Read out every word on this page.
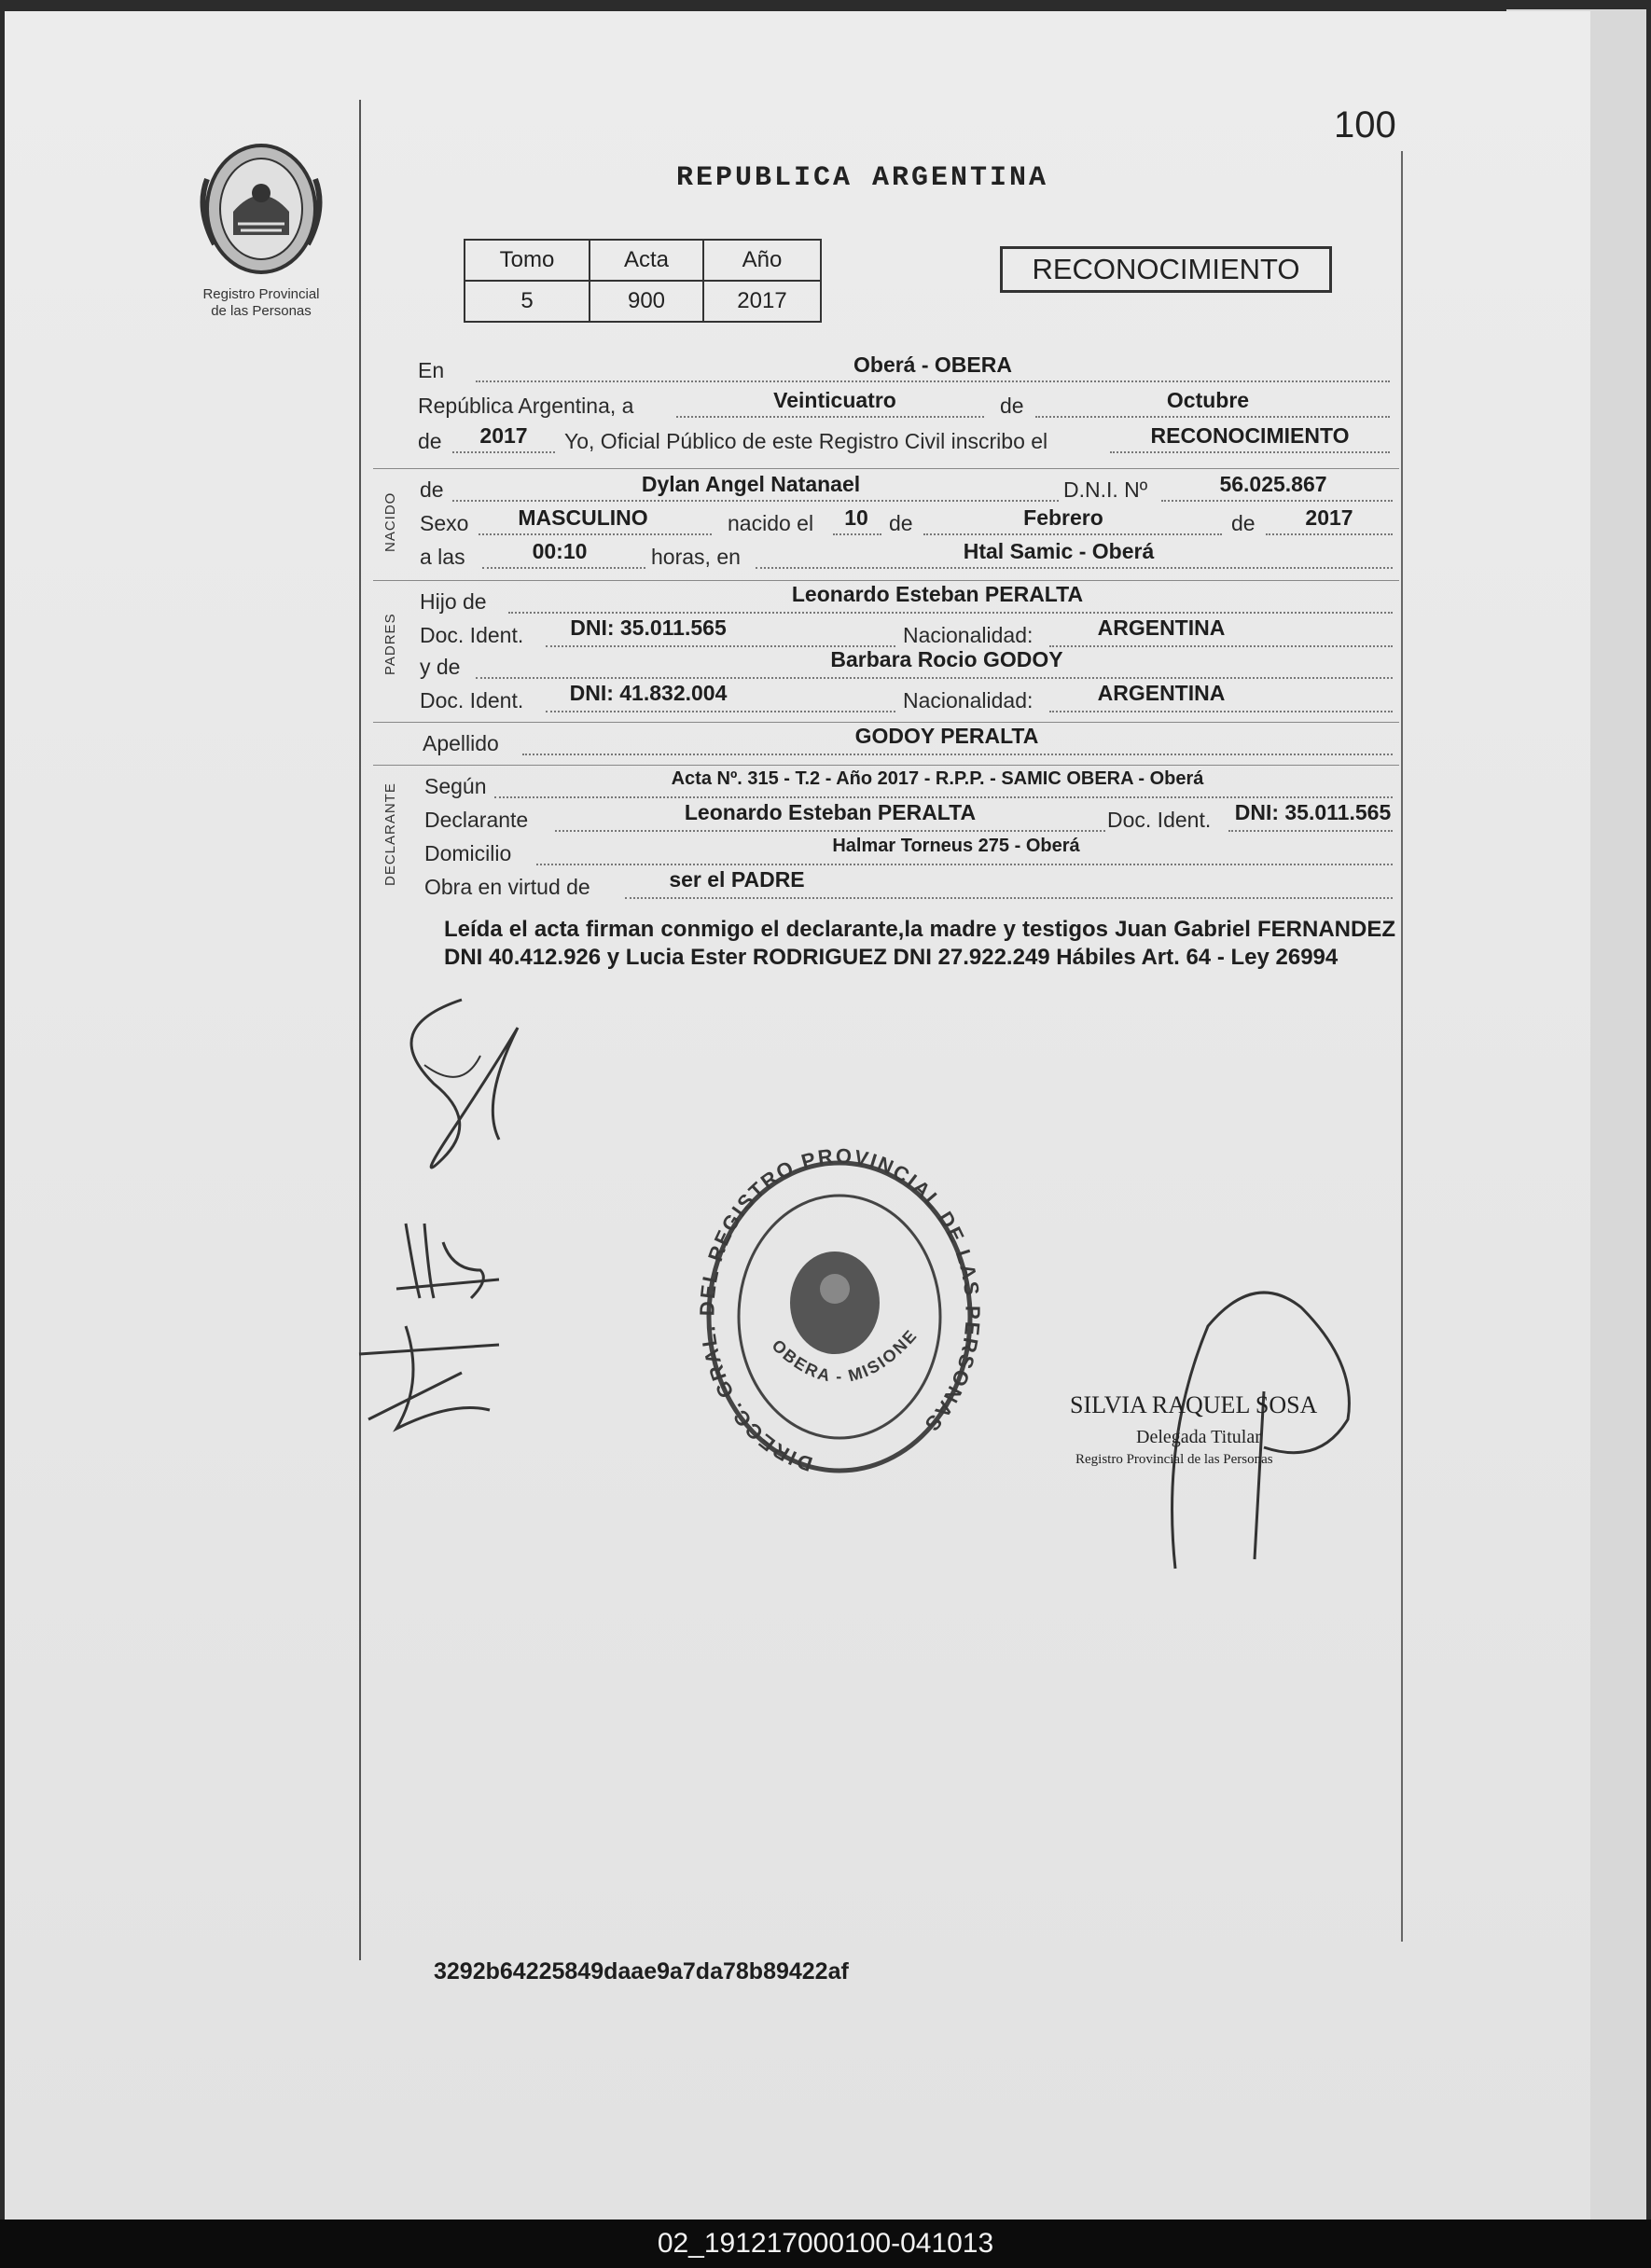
100
Registro Provincial
de las Personas
REPUBLICA ARGENTINA
Tomo	Acta	Año
5	900	2017
RECONOCIMIENTO
En	Oberá - OBERA
República Argentina, a	Veinticuatro	de	Octubre
de	2017	Yo, Oficial Público de este Registro Civil inscribo el	RECONOCIMIENTO
NACIDO
de	Dylan Angel Natanael	D.N.I. Nº	56.025.867
Sexo	MASCULINO	nacido el	10 de	Febrero	de	2017
a las	00:10	horas, en	Htal Samic - Oberá
PADRES
Hijo de	Leonardo Esteban PERALTA
Doc. Ident.	DNI: 35.011.565	Nacionalidad:	ARGENTINA
y de	Barbara Rocio GODOY
Doc. Ident.	DNI: 41.832.004	Nacionalidad:	ARGENTINA
Apellido	GODOY PERALTA
DECLARANTE Según	Acta Nº. 315 - T.2 - Año 2017 - R.P.P. - SAMIC OBERA - Oberá
Declarante	Leonardo Esteban PERALTA	Doc. Ident.	DNI: 35.011.565
Domicilio	Halmar Torneus 275 - Oberá
Obra en virtud de	ser el PADRE
Leída el acta firman conmigo el declarante,la madre y testigos Juan Gabriel FERNANDEZ DNI 40.412.926 y Lucia Ester RODRIGUEZ DNI 27.922.249 Hábiles Art. 64 - Ley 26994
DIRECC. GRAL. DEL REGISTRO PROVINCIAL DE LAS PERSONAS
OBERA - MISIONE
SILVIA RAQUEL SOSA
Delegada Titular
Registro Provincial de las Personas
3292b64225849daae9a7da78b89422af
02_191217000100-041013
